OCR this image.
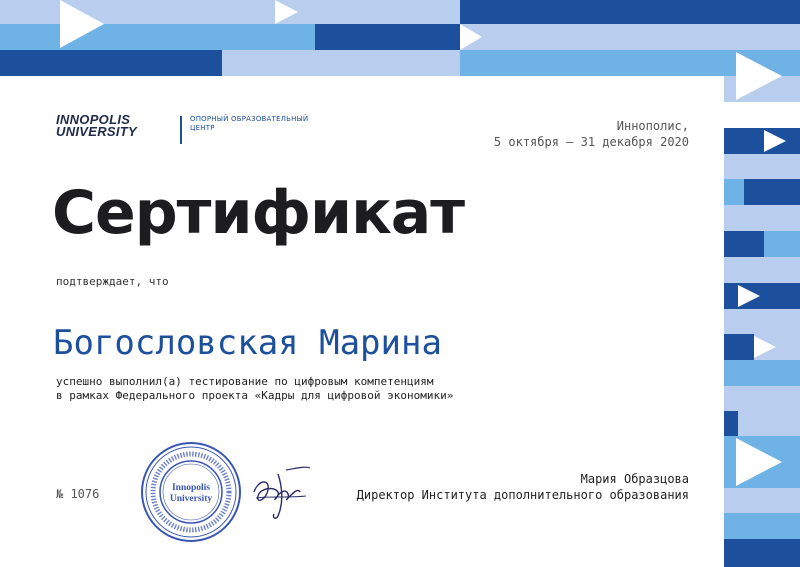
INNOPOLIS
UNIVERSITY
ОПОРНЫЙ ОБРАЗОВАТЕЛЬНЫЙ ЦЕНТР	Иннополис,
5 октября – 31 декабря 2020
Сертификат
подтверждает, что
Богословская Марина
успешно выполнил(а) тестирование по цифровым компетенциям
в рамках Федерального проекта «Кадры для цифровой экономики»
№ 1076	Innopolis
University
Мария Образцова
Директор Института дополнительного образования
